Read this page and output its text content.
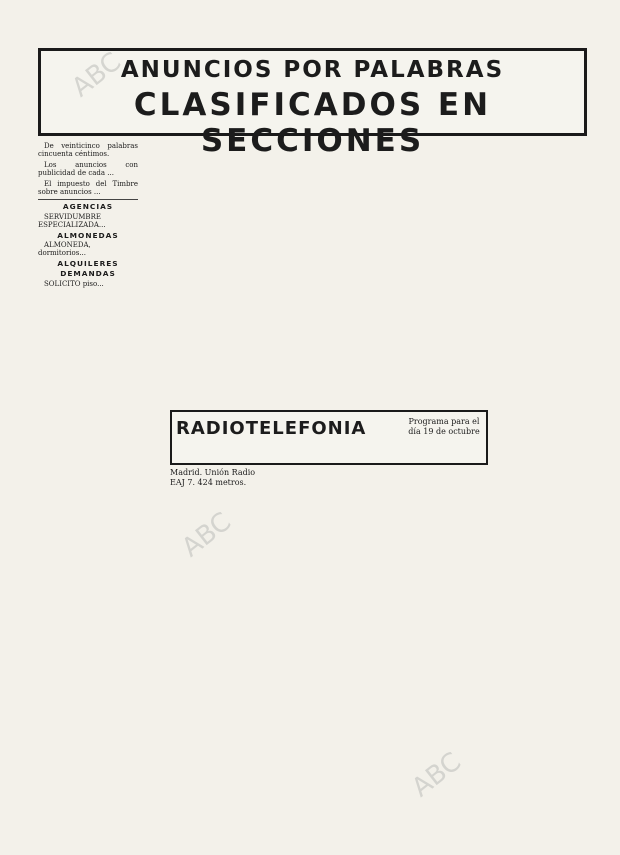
ANUNCIOS POR PALABRAS
CLASIFICADOS EN SECCIONES

De veinticinco palabras cincuenta céntimos.

Los anuncios con publicidad de cada ...

El impuesto del Timbre sobre anuncios ...

AGENCIAS

SERVIDUMBRE ESPECIALIZADA...

ALMONEDAS

ALMONEDA, dormitorios...

ALQUILERES
DEMANDAS

SOLICITO piso...

RADIOTELEFONIA	Programa para el día 19 de octubre
Madrid. Unión Radio EAJ 7. 424 metros.
ABC
ABC
ABC
